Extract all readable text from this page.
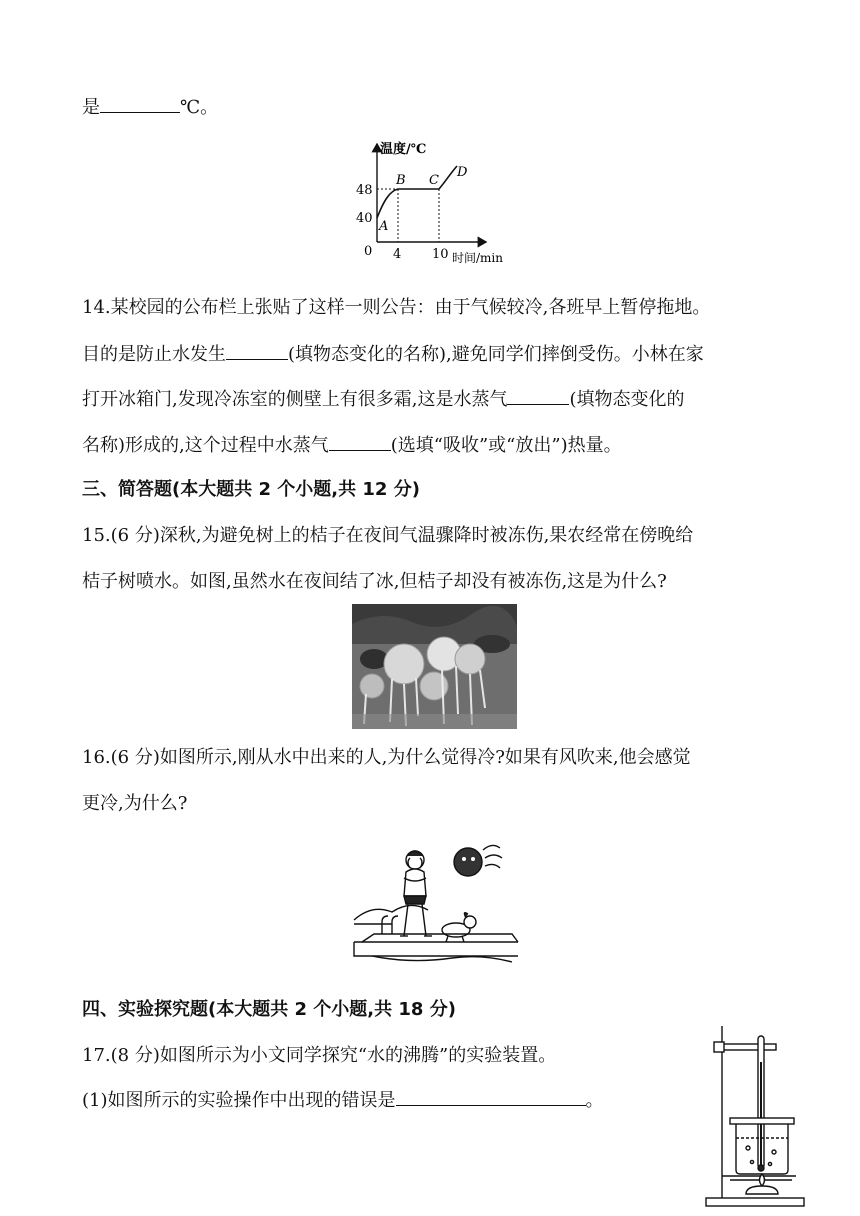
是	℃。
温度/℃
时间/min
0
48
40
4 10
A
B C
D
14.某校园的公布栏上张贴了这样一则公告：由于气候较冷,各班早上暂停拖地。
目的是防止水发生	(填物态变化的名称),避免同学们摔倒受伤。小林在家
打开冰箱门,发现冷冻室的侧壁上有很多霜,这是水蒸气	(填物态变化的
名称)形成的,这个过程中水蒸气	(选填“吸收”或“放出”)热量。
三、简答题(本大题共 2 个小题,共 12 分)
15.(6 分)深秋,为避免树上的桔子在夜间气温骤降时被冻伤,果农经常在傍晚给
桔子树喷水。如图,虽然水在夜间结了冰,但桔子却没有被冻伤,这是为什么?
16.(6 分)如图所示,刚从水中出来的人,为什么觉得冷?如果有风吹来,他会感觉
更冷,为什么?
四、实验探究题(本大题共 2 个小题,共 18 分)
17.(8 分)如图所示为小文同学探究“水的沸腾”的实验装置。
(1)如图所示的实验操作中出现的错误是	。
